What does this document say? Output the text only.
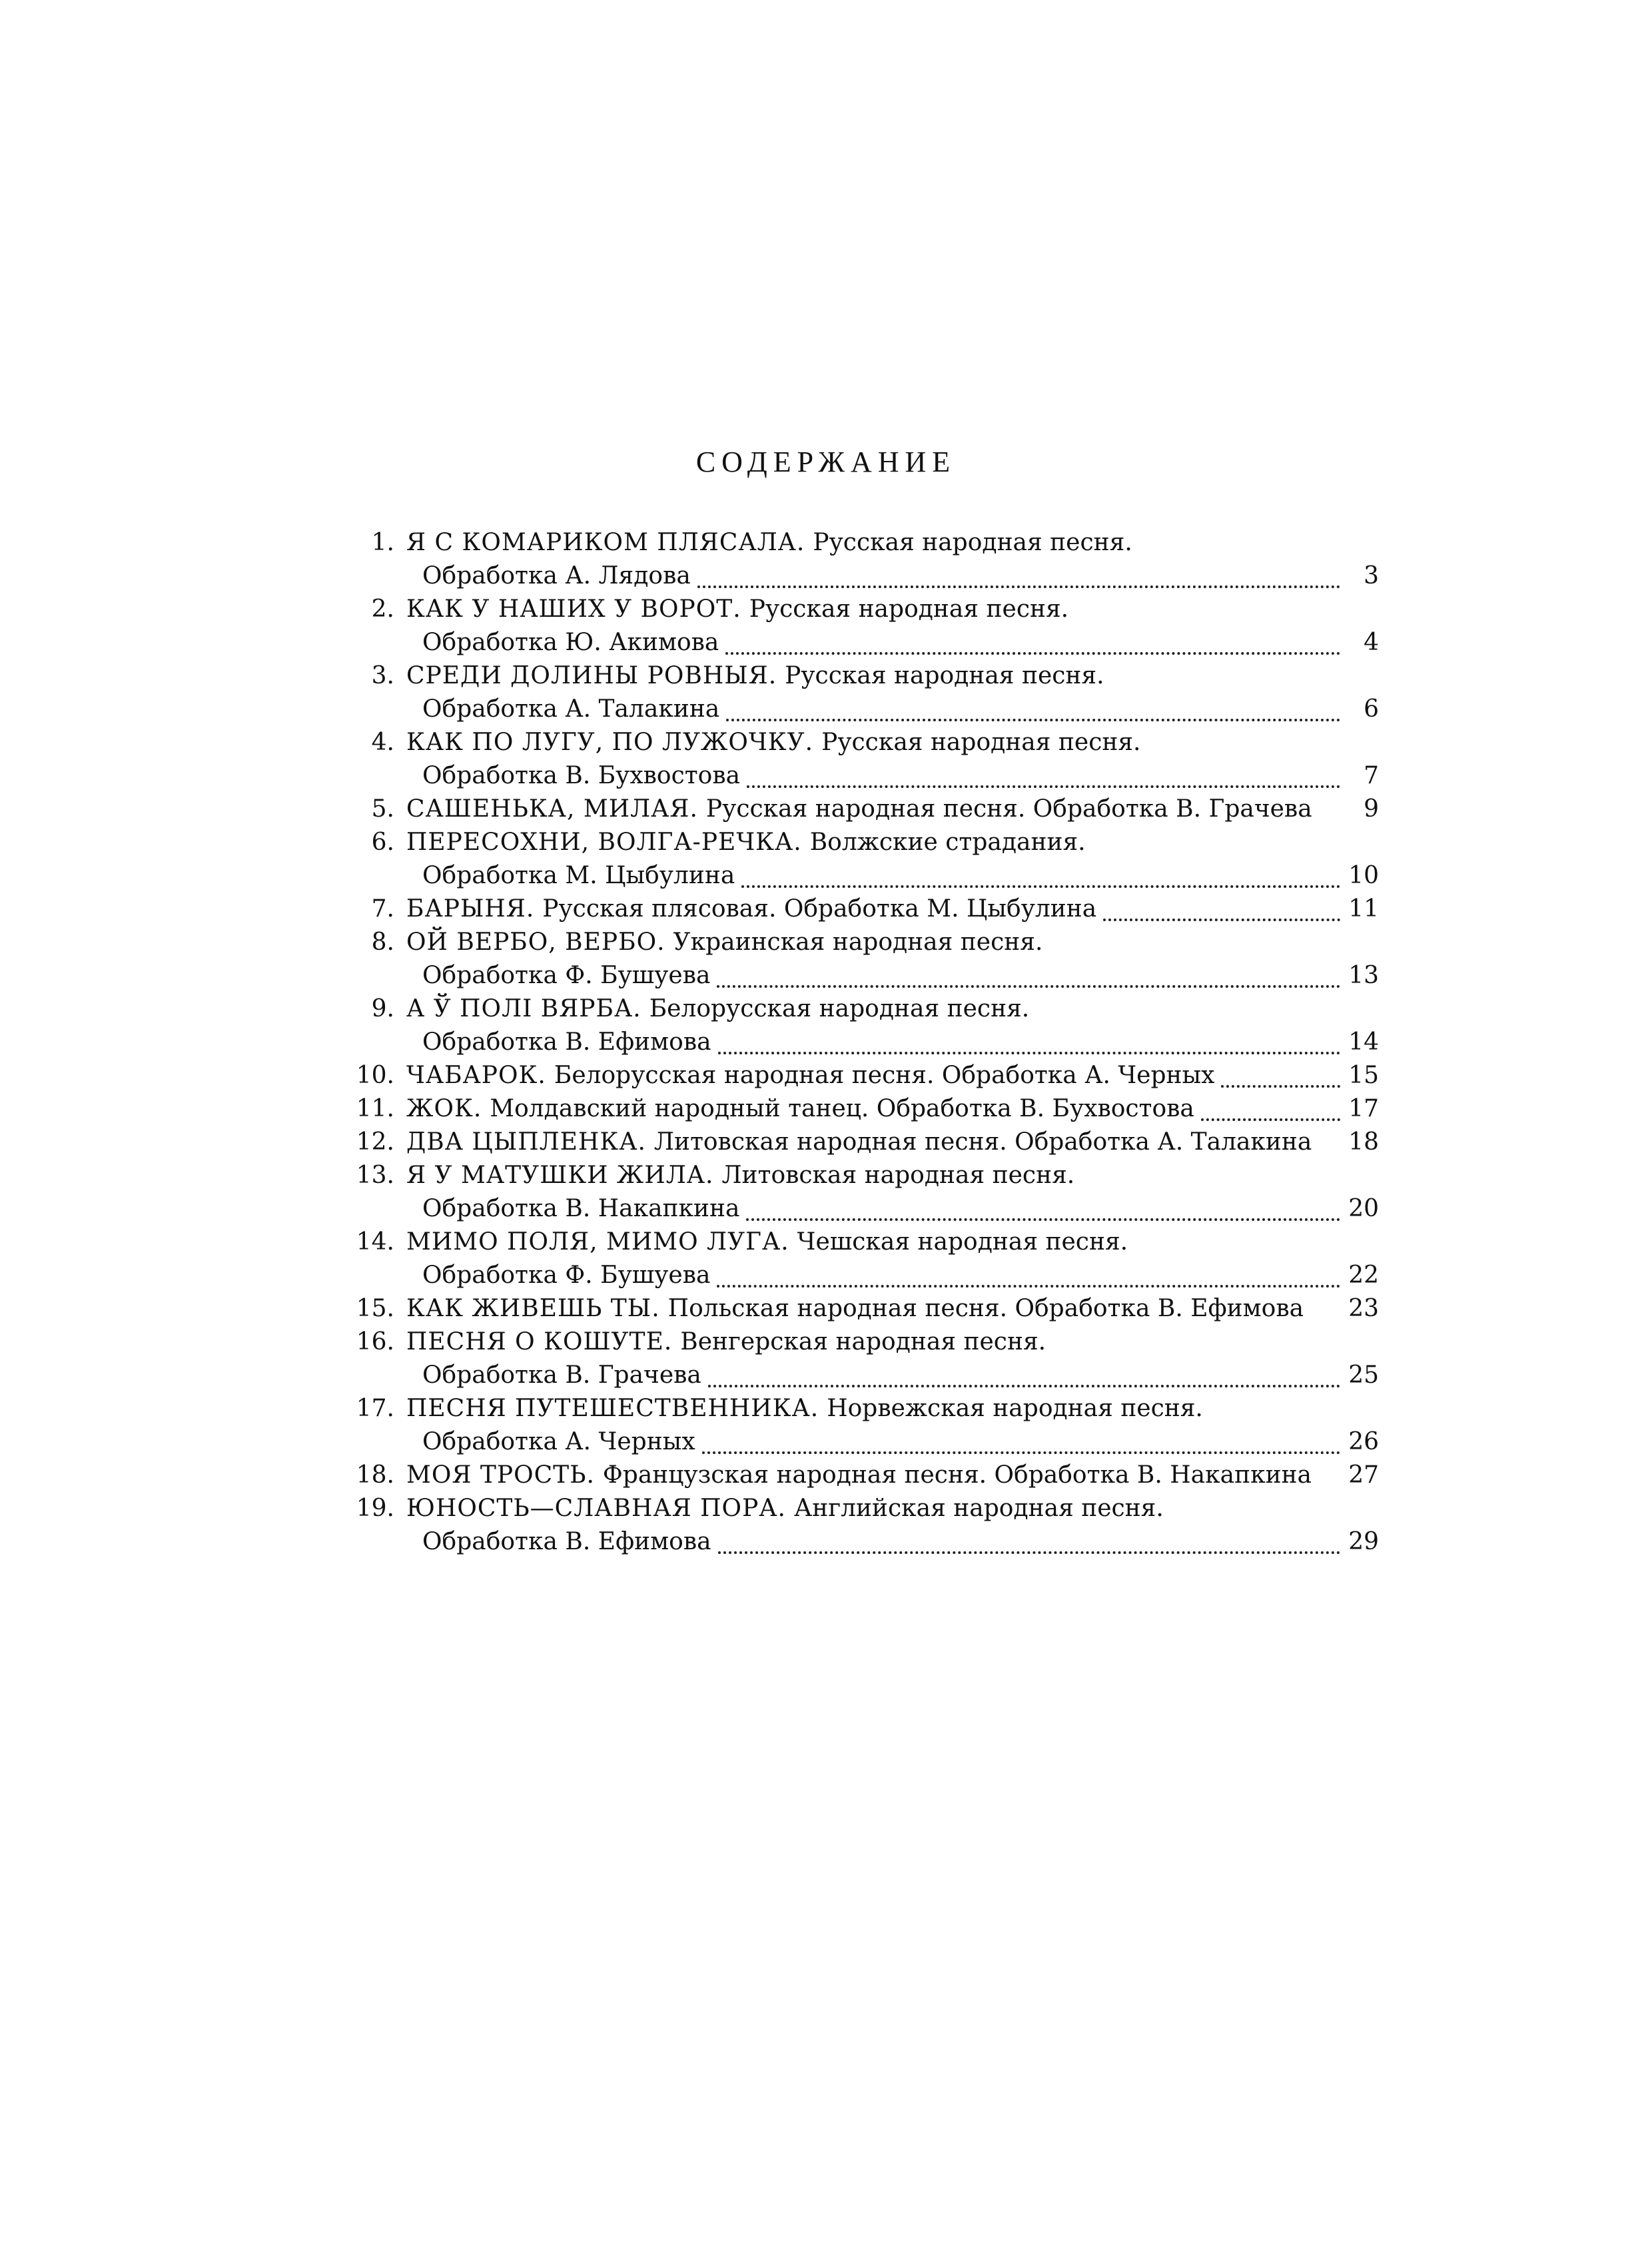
СОДЕРЖАНИЕ
1. Я С КОМАРИКОМ ПЛЯСАЛА. Русская народная песня.
Обработка А. Лядова	3
2. КАК У НАШИХ У ВОРОТ. Русская народная песня.
Обработка Ю. Акимова	4
3. СРЕДИ ДОЛИНЫ РОВНЫЯ. Русская народная песня.
Обработка А. Талакина	6
4. КАК ПО ЛУГУ, ПО ЛУЖОЧКУ. Русская народная песня.
Обработка В. Бухвостова	7
5. САШЕНЬКА, МИЛАЯ. Русская народная песня. Обработка В. Грачева	9
6. ПЕРЕСОХНИ, ВОЛГА-РЕЧКА. Волжские страдания.
Обработка М. Цыбулина	10
7. БАРЫНЯ. Русская плясовая. Обработка М. Цыбулина	11
8. ОЙ ВЕРБО, ВЕРБО. Украинская народная песня.
Обработка Ф. Бушуева	13
9. А Ў ПОЛІ ВЯРБА. Белорусская народная песня.
Обработка В. Ефимова	14
10. ЧАБАРОК. Белорусская народная песня. Обработка А. Черных	15
11. ЖОК. Молдавский народный танец. Обработка В. Бухвостова	17
12. ДВА ЦЫПЛЕНКА. Литовская народная песня. Обработка А. Талакина 18
13. Я У МАТУШКИ ЖИЛА. Литовская народная песня.
Обработка В. Накапкина	20
14. МИМО ПОЛЯ, МИМО ЛУГА. Чешская народная песня.
Обработка Ф. Бушуева	22
15. КАК ЖИВЕШЬ ТЫ. Польская народная песня. Обработка В. Ефимова 23
16. ПЕСНЯ О КОШУТЕ. Венгерская народная песня.
Обработка В. Грачева	25
17. ПЕСНЯ ПУТЕШЕСТВЕННИКА. Норвежская народная песня.
Обработка А. Черных	26
18. МОЯ ТРОСТЬ. Французская народная песня. Обработка В. Накапкина 27
19. ЮНОСТЬ—СЛАВНАЯ ПОРА. Английская народная песня.
Обработка В. Ефимова	29
